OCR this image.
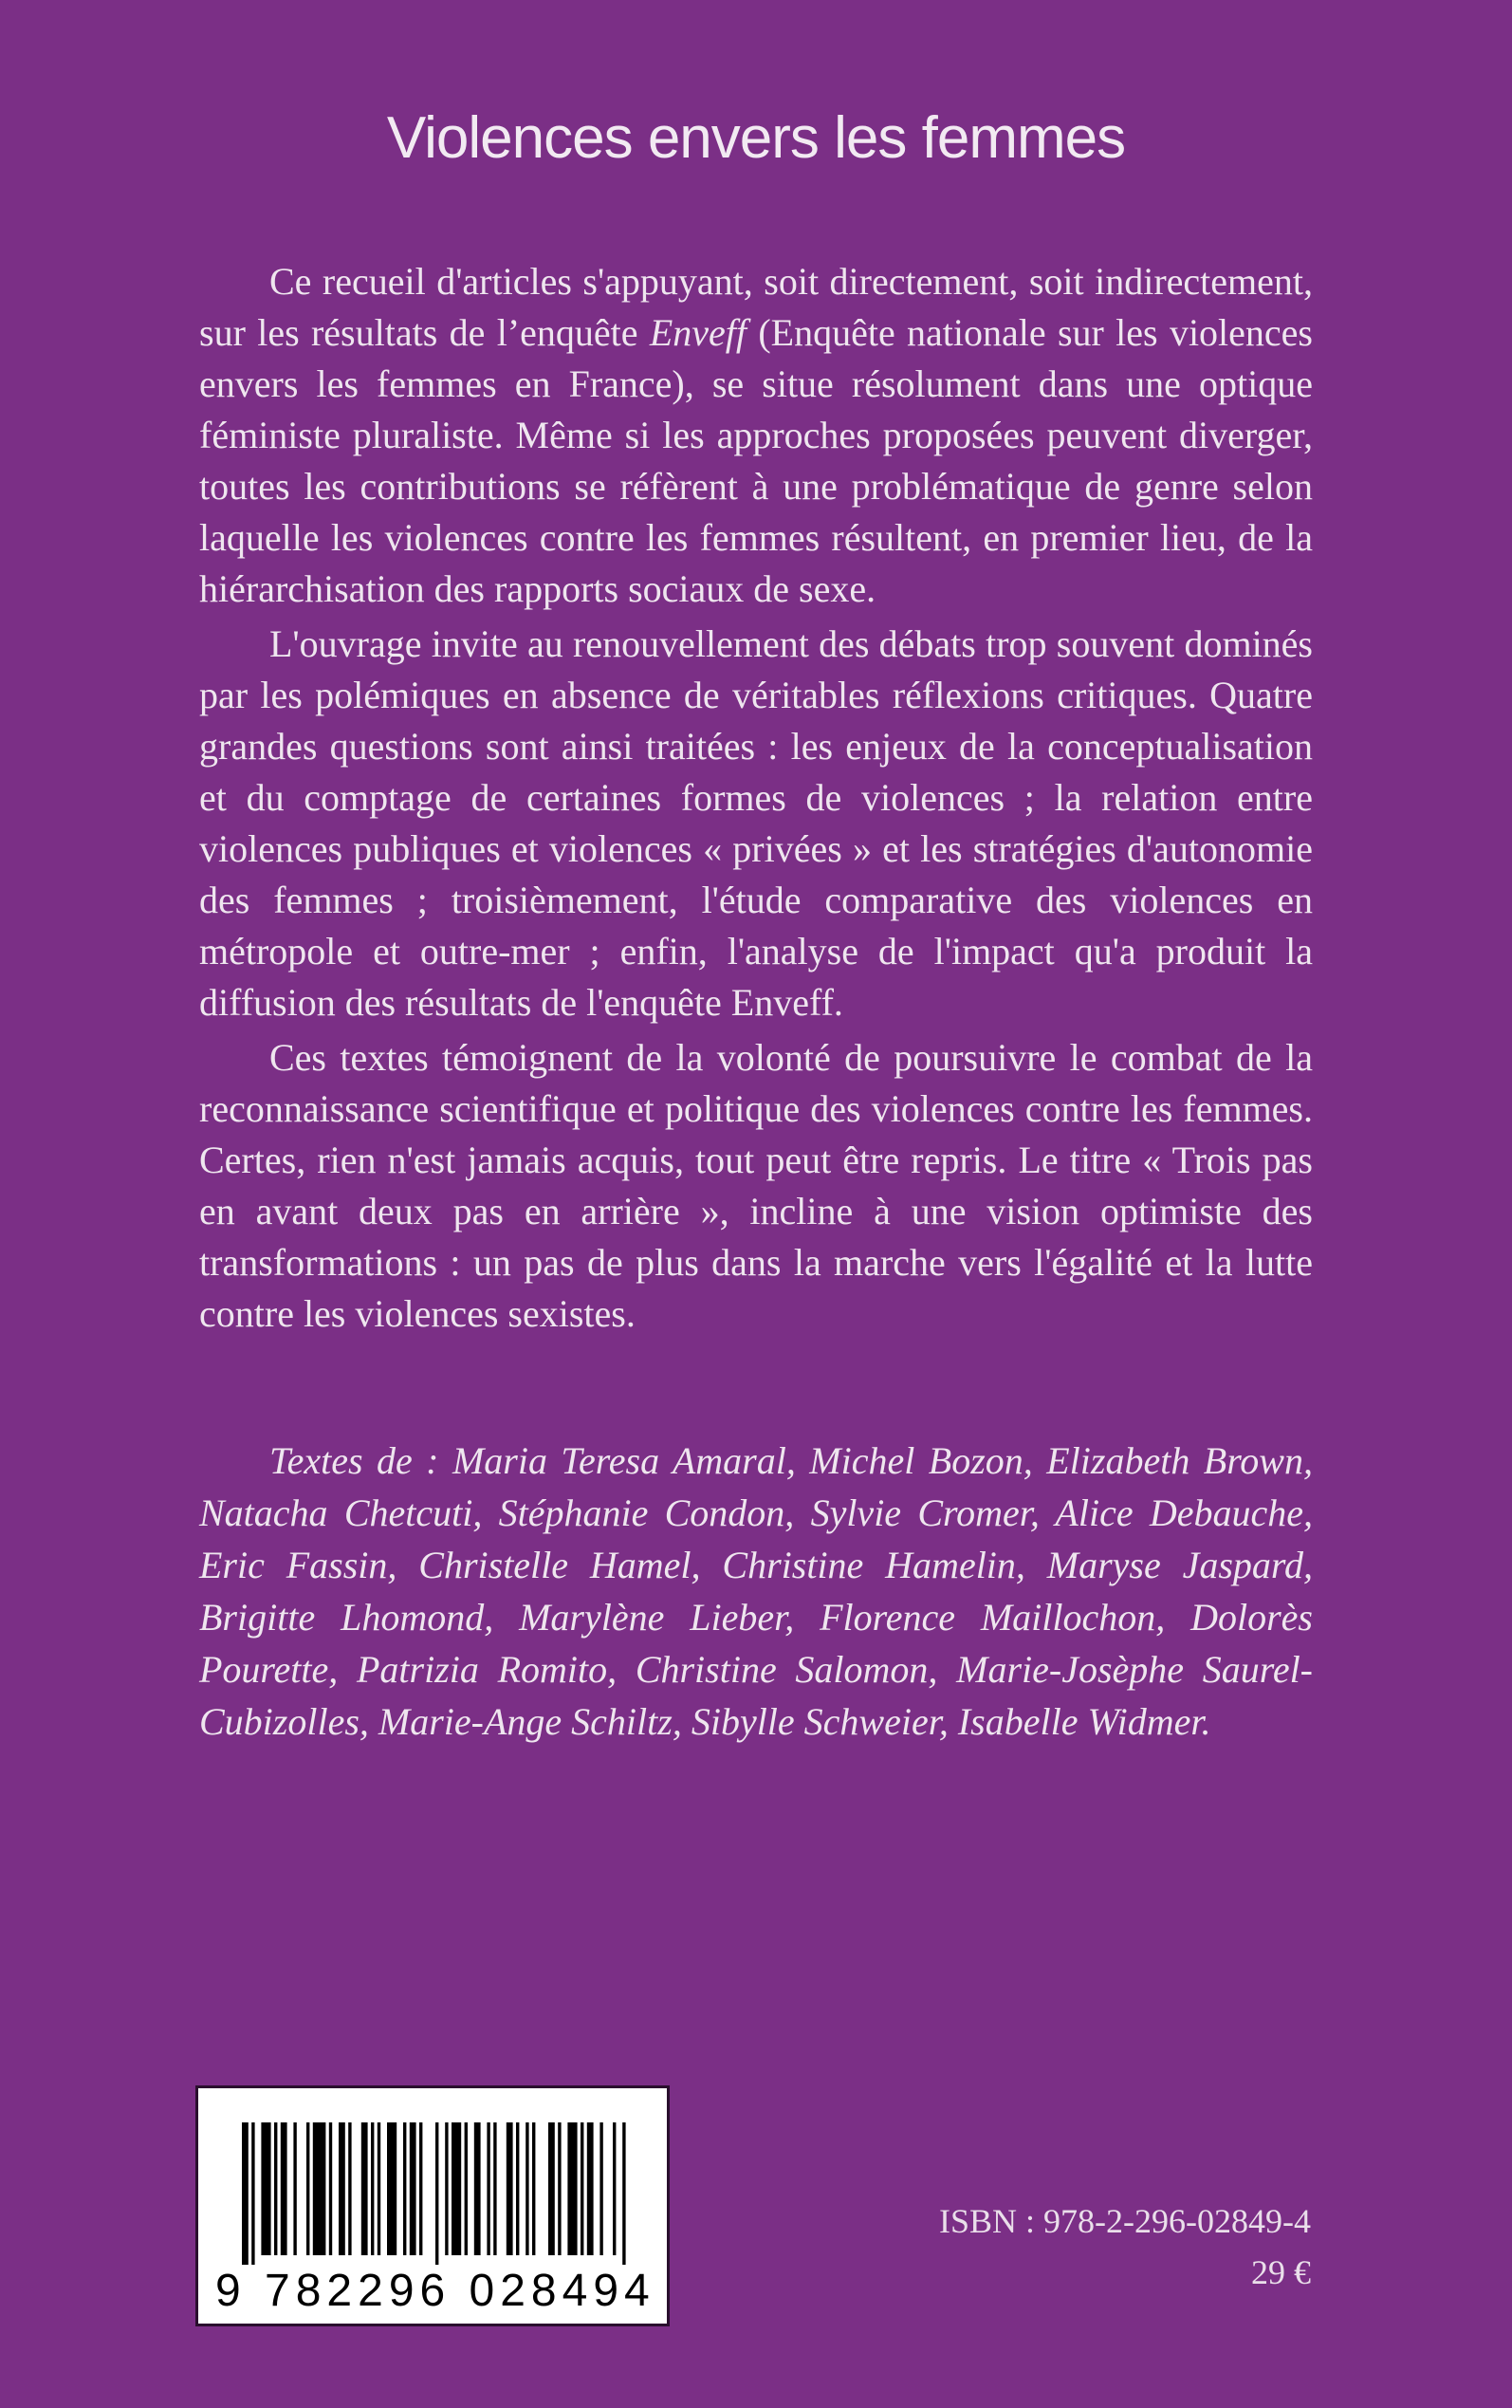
Violences envers les femmes

Ce recueil d'articles s'appuyant, soit directement, soit indirectement, sur les résultats de l’enquête Enveff (Enquête nationale sur les violences envers les femmes en France), se situe résolument dans une optique féministe pluraliste. Même si les approches proposées peuvent diverger, toutes les contributions se réfèrent à une problématique de genre selon laquelle les violences contre les femmes résultent, en premier lieu, de la hiérarchisation des rapports sociaux de sexe.

L'ouvrage invite au renouvellement des débats trop souvent dominés par les polémiques en absence de véritables réflexions critiques. Quatre grandes questions sont ainsi traitées : les enjeux de la conceptualisation et du comptage de certaines formes de violences ; la relation entre violences publiques et violences « privées » et les stratégies d'autonomie des femmes ; troisièmement, l'étude comparative des violences en métropole et outre-mer ; enfin, l'analyse de l'impact qu'a produit la diffusion des résultats de l'enquête Enveff.

Ces textes témoignent de la volonté de poursuivre le combat de la reconnaissance scientifique et politique des violences contre les femmes. Certes, rien n'est jamais acquis, tout peut être repris. Le titre « Trois pas en avant deux pas en arrière », incline à une vision optimiste des transformations : un pas de plus dans la marche vers l'égalité et la lutte contre les violences sexistes.

Textes de : Maria Teresa Amaral, Michel Bozon, Elizabeth Brown, Natacha Chetcuti, Stéphanie Condon, Sylvie Cromer, Alice Debauche, Eric Fassin, Christelle Hamel, Christine Hamelin, Maryse Jaspard, Brigitte Lhomond, Marylène Lieber, Florence Maillochon, Dolorès Pourette, Patrizia Romito, Christine Salomon, Marie-Josèphe Saurel-Cubizolles, Marie-Ange Schiltz, Sibylle Schweier, Isabelle Widmer.

9 782296 028494
ISBN : 978-2-296-02849-4
29 €
